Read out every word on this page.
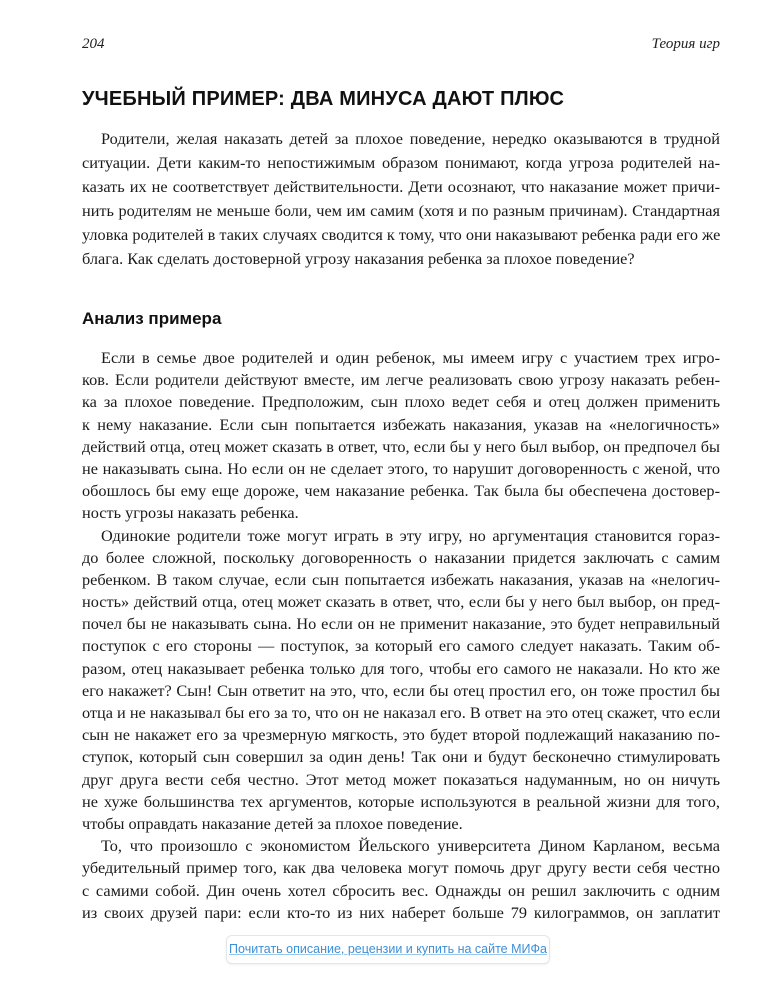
204	Теория игр
УЧЕБНЫЙ ПРИМЕР: ДВА МИНУСА ДАЮТ ПЛЮС
Родители, желая наказать детей за плохое поведение, нередко оказываются в трудной
ситуации. Дети каким-то непостижимым образом понимают, когда угроза родителей на-
казать их не соответствует действительности. Дети осознают, что наказание может причи-
нить родителям не меньше боли, чем им самим (хотя и по разным причинам). Стандартная
уловка родителей в таких случаях сводится к тому, что они наказывают ребенка ради его же
блага. Как сделать достоверной угрозу наказания ребенка за плохое поведение?
Анализ примера
Если в семье двое родителей и один ребенок, мы имеем игру с участием трех игро-
ков. Если родители действуют вместе, им легче реализовать свою угрозу наказать ребен-
ка за плохое поведение. Предположим, сын плохо ведет себя и отец должен применить
к нему наказание. Если сын попытается избежать наказания, указав на «нелогичность»
действий отца, отец может сказать в ответ, что, если бы у него был выбор, он предпочел бы
не наказывать сына. Но если он не сделает этого, то нарушит договоренность с женой, что
обошлось бы ему еще дороже, чем наказание ребенка. Так была бы обеспечена достовер-
ность угрозы наказать ребенка.
Одинокие родители тоже могут играть в эту игру, но аргументация становится гораз-
до более сложной, поскольку договоренность о наказании придется заключать с самим
ребенком. В таком случае, если сын попытается избежать наказания, указав на «нелогич-
ность» действий отца, отец может сказать в ответ, что, если бы у него был выбор, он пред-
почел бы не наказывать сына. Но если он не применит наказание, это будет неправильный
поступок с его стороны — поступок, за который его самого следует наказать. Таким об-
разом, отец наказывает ребенка только для того, чтобы его самого не наказали. Но кто же
его накажет? Сын! Сын ответит на это, что, если бы отец простил его, он тоже простил бы
отца и не наказывал бы его за то, что он не наказал его. В ответ на это отец скажет, что если
сын не накажет его за чрезмерную мягкость, это будет второй подлежащий наказанию по-
ступок, который сын совершил за один день! Так они и будут бесконечно стимулировать
друг друга вести себя честно. Этот метод может показаться надуманным, но он ничуть
не хуже большинства тех аргументов, которые используются в реальной жизни для того,
чтобы оправдать наказание детей за плохое поведение.
То, что произошло с экономистом Йельского университета Дином Карланом, весьма
убедительный пример того, как два человека могут помочь друг другу вести себя честно
с самими собой. Дин очень хотел сбросить вес. Однажды он решил заключить с одним
из своих друзей пари: если кто-то из них наберет больше 79 килограммов, он заплатит
Почитать описание, рецензии и купить на сайте МИФа
